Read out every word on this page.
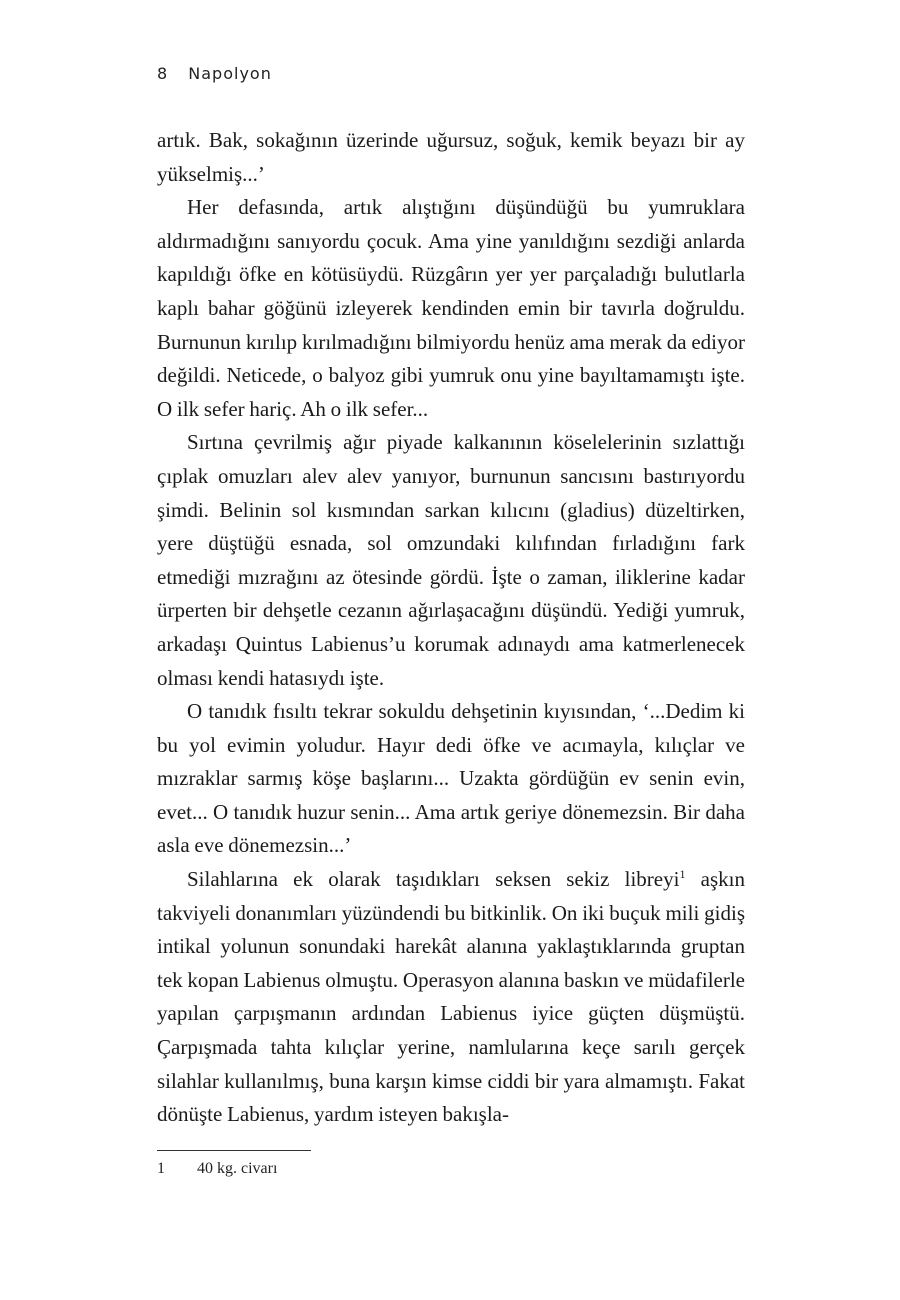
8 Napolyon

artık. Bak, sokağının üzerinde uğursuz, soğuk, kemik beyazı bir ay yükselmiş...’

Her defasında, artık alıştığını düşündüğü bu yumruklara aldırmadığını sanıyordu çocuk. Ama yine yanıldığını sezdiği anlarda kapıldığı öfke en kötüsüydü. Rüzgârın yer yer parçaladığı bulutlarla kaplı bahar göğünü izleyerek kendinden emin bir tavırla doğruldu. Burnunun kırılıp kırılmadığını bilmiyordu henüz ama merak da ediyor değildi. Neticede, o balyoz gibi yumruk onu yine bayıltamamıştı işte. O ilk sefer hariç. Ah o ilk sefer...

Sırtına çevrilmiş ağır piyade kalkanının köselelerinin sızlattığı çıplak omuzları alev alev yanıyor, burnunun sancısını bastırıyordu şimdi. Belinin sol kısmından sarkan kılıcını (gladius) düzeltirken, yere düştüğü esnada, sol omzundaki kılıfından fırladığını fark etmediği mızrağını az ötesinde gördü. İşte o zaman, iliklerine kadar ürperten bir dehşetle cezanın ağırlaşacağını düşündü. Yediği yumruk, arkadaşı Quintus Labienus’u korumak adınaydı ama katmerlenecek olması kendi hatasıydı işte.

O tanıdık fısıltı tekrar sokuldu dehşetinin kıyısından, ‘...Dedim ki bu yol evimin yoludur. Hayır dedi öfke ve acımayla, kılıçlar ve mızraklar sarmış köşe başlarını... Uzakta gördüğün ev senin evin, evet... O tanıdık huzur senin... Ama artık geriye dönemezsin. Bir daha asla eve dönemezsin...’

Silahlarına ek olarak taşıdıkları seksen sekiz libreyi$^1$ aşkın takviyeli donanımları yüzündendi bu bitkinlik. On iki buçuk mili gidiş intikal yolunun sonundaki harekât alanına yaklaştıklarında gruptan tek kopan Labienus olmuştu. Operasyon alanına baskın ve müdafilerle yapılan çarpışmanın ardından Labienus iyice güçten düşmüştü. Çarpışmada tahta kılıçlar yerine, namlularına keçe sarılı gerçek silahlar kullanılmış, buna karşın kimse ciddi bir yara almamıştı. Fakat dönüşte Labienus, yardım isteyen bakışla-

1 40 kg. civarı
